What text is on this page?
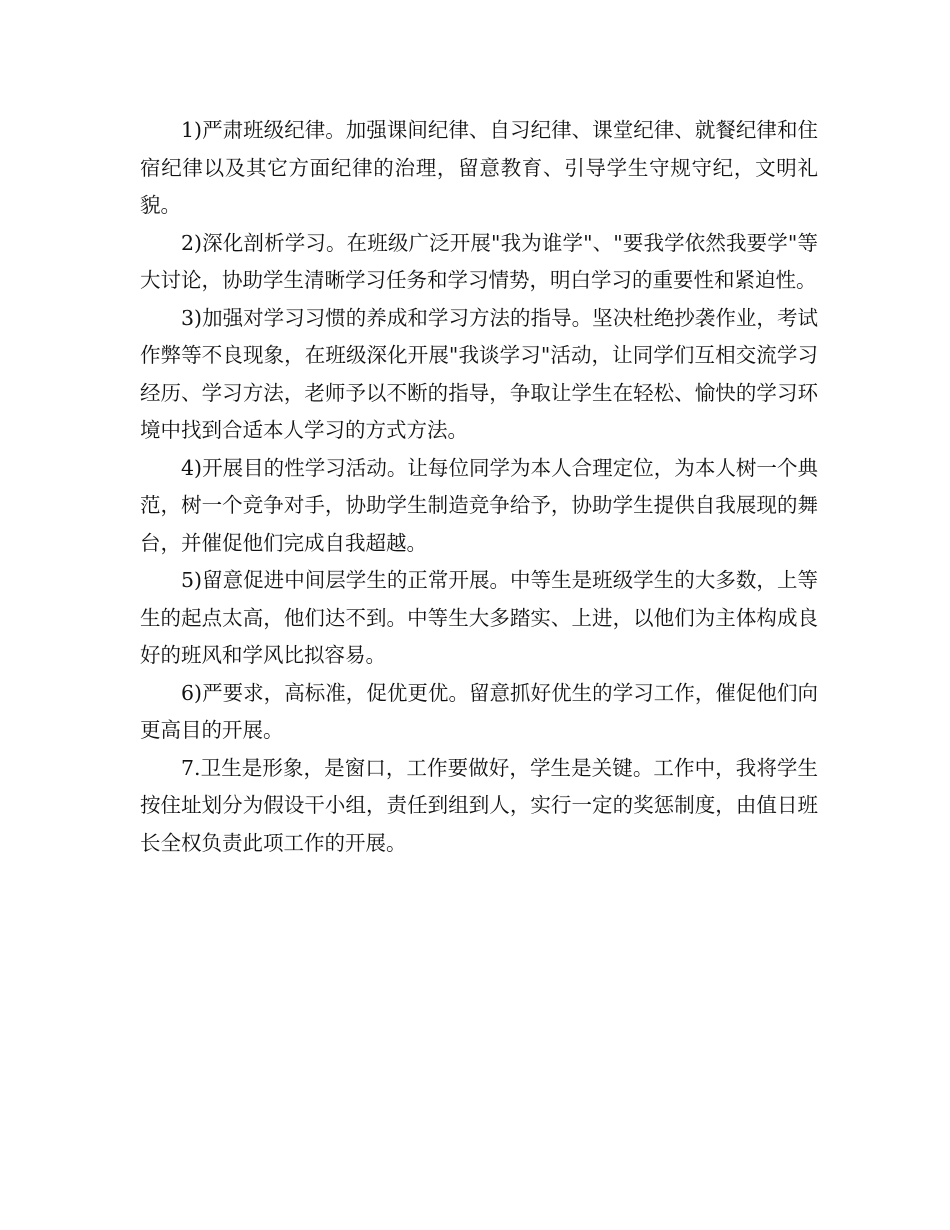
1)严肃班级纪律。加强课间纪律、自习纪律、课堂纪律、就餐纪律和住宿纪律以及其它方面纪律的治理，留意教育、引导学生守规守纪，文明礼貌。

2)深化剖析学习。在班级广泛开展"我为谁学"、"要我学依然我要学"等大讨论，协助学生清晰学习任务和学习情势，明白学习的重要性和紧迫性。

3)加强对学习习惯的养成和学习方法的指导。坚决杜绝抄袭作业，考试作弊等不良现象，在班级深化开展"我谈学习"活动，让同学们互相交流学习经历、学习方法，老师予以不断的指导，争取让学生在轻松、愉快的学习环境中找到合适本人学习的方式方法。

4)开展目的性学习活动。让每位同学为本人合理定位，为本人树一个典范，树一个竞争对手，协助学生制造竞争给予，协助学生提供自我展现的舞台，并催促他们完成自我超越。

5)留意促进中间层学生的正常开展。中等生是班级学生的大多数，上等生的起点太高，他们达不到。中等生大多踏实、上进，以他们为主体构成良好的班风和学风比拟容易。

6)严要求，高标准，促优更优。留意抓好优生的学习工作，催促他们向更高目的开展。

7.卫生是形象，是窗口，工作要做好，学生是关键。工作中，我将学生按住址划分为假设干小组，责任到组到人，实行一定的奖惩制度，由值日班长全权负责此项工作的开展。
